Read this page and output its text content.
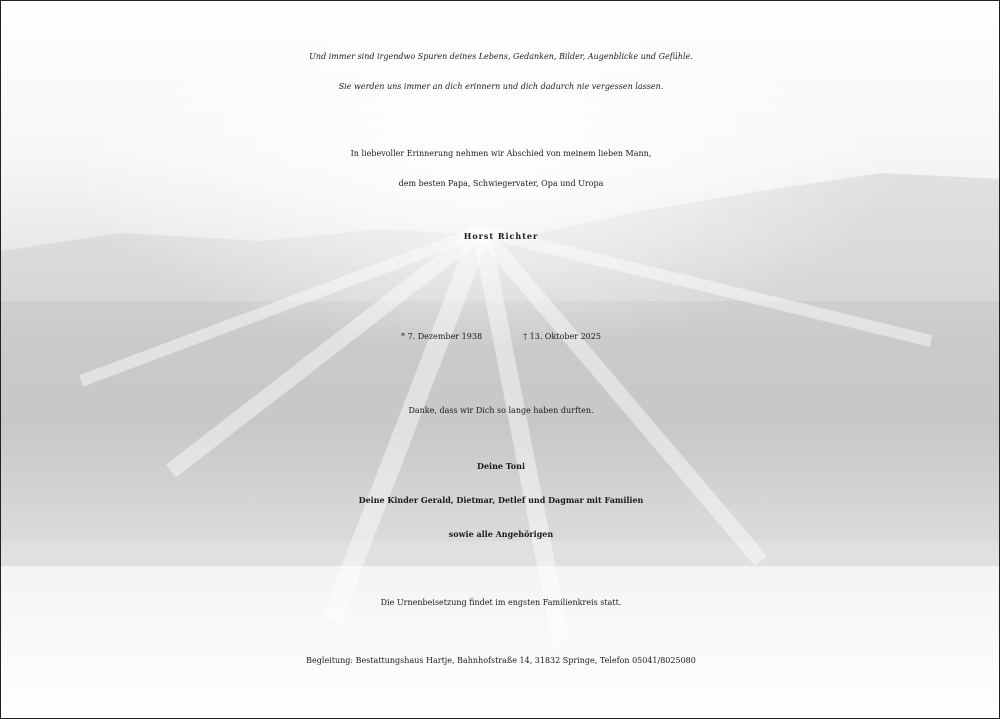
Und immer sind irgendwo Spuren deines Lebens, Gedanken, Bilder, Augenblicke und Gefühle.
Sie werden uns immer an dich erinnern und dich dadurch nie vergessen lassen.
In liebevoller Erinnerung nehmen wir Abschied von meinem lieben Mann,
dem besten Papa, Schwiegervater, Opa und Uropa
Horst Richter
* 7. Dezember 1938	† 13. Oktober 2025
Danke, dass wir Dich so lange haben durften.
Deine Toni
Deine Kinder Gerald, Dietmar, Detlef und Dagmar mit Familien
sowie alle Angehörigen
Die Urnenbeisetzung findet im engsten Familienkreis statt.
Begleitung: Bestattungshaus Hartje, Bahnhofstraße 14, 31832 Springe, Telefon 05041/8025080
